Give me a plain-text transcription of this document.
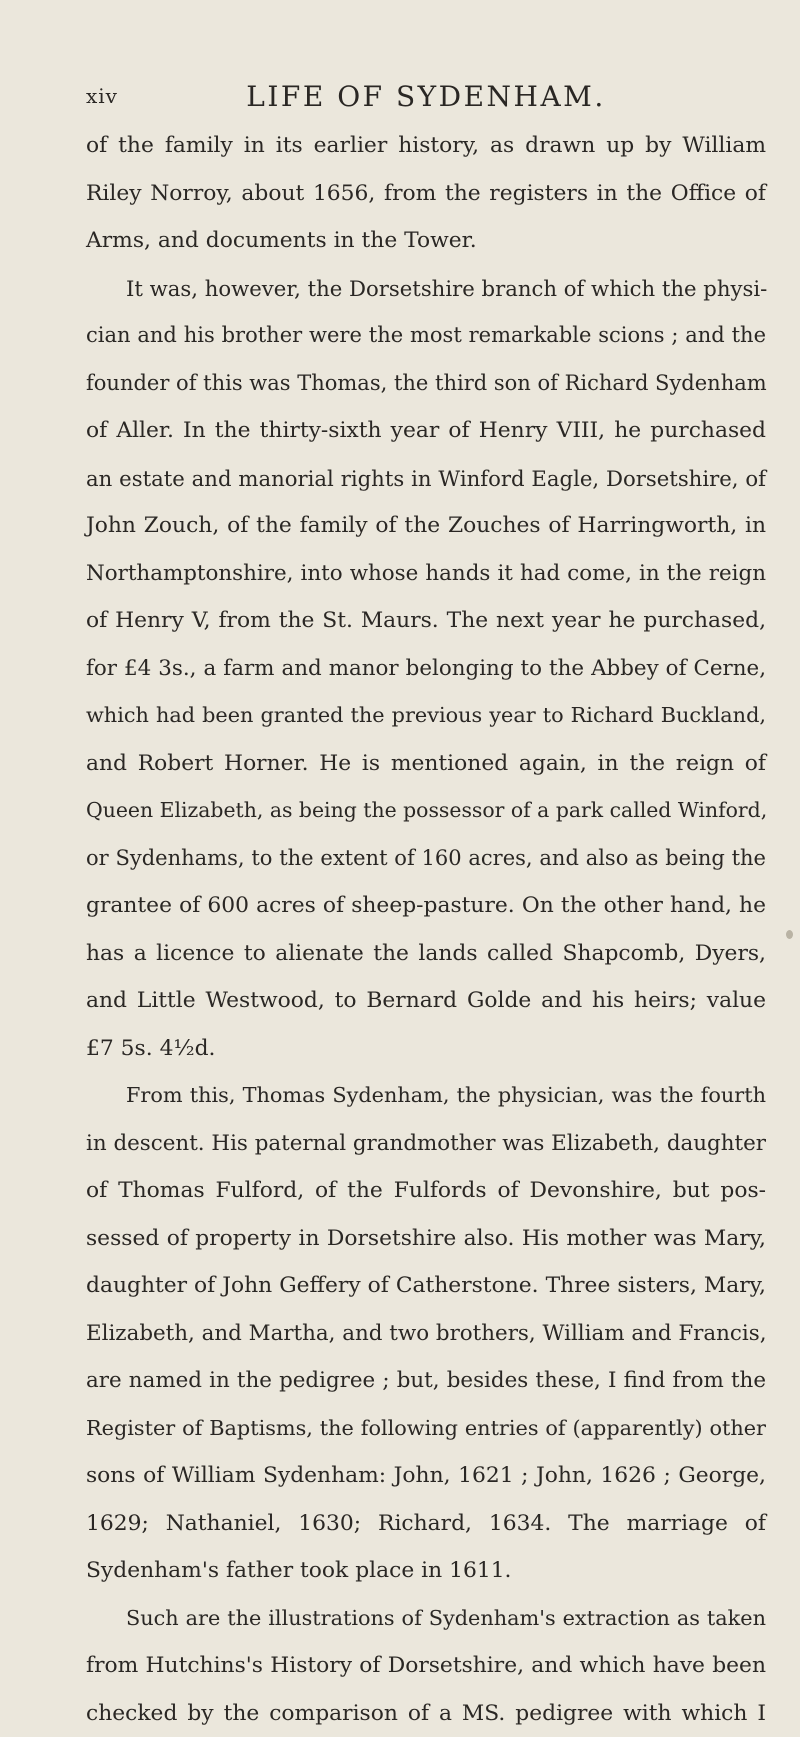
xiv	LIFE OF SYDENHAM.
of the family in its earlier history, as drawn up by William
Riley Norroy, about 1656, from the registers in the Office of
Arms, and documents in the Tower.
It was, however, the Dorsetshire branch of which the physi-
cian and his brother were the most remarkable scions ; and the
founder of this was Thomas, the third son of Richard Sydenham
of Aller. In the thirty-sixth year of Henry VIII, he purchased
an estate and manorial rights in Winford Eagle, Dorsetshire, of
John Zouch, of the family of the Zouches of Harringworth, in
Northamptonshire, into whose hands it had come, in the reign
of Henry V, from the St. Maurs. The next year he purchased,
for £4 3s., a farm and manor belonging to the Abbey of Cerne,
which had been granted the previous year to Richard Buckland,
and Robert Horner. He is mentioned again, in the reign of
Queen Elizabeth, as being the possessor of a park called Winford,
or Sydenhams, to the extent of 160 acres, and also as being the
grantee of 600 acres of sheep-pasture. On the other hand, he
has a licence to alienate the lands called Shapcomb, Dyers,
and Little Westwood, to Bernard Golde and his heirs; value
£7 5s. 4½d.
From this, Thomas Sydenham, the physician, was the fourth
in descent. His paternal grandmother was Elizabeth, daughter
of Thomas Fulford, of the Fulfords of Devonshire, but pos-
sessed of property in Dorsetshire also. His mother was Mary,
daughter of John Geffery of Catherstone. Three sisters, Mary,
Elizabeth, and Martha, and two brothers, William and Francis,
are named in the pedigree ; but, besides these, I find from the
Register of Baptisms, the following entries of (apparently) other
sons of William Sydenham: John, 1621 ; John, 1626 ; George,
1629; Nathaniel, 1630; Richard, 1634. The marriage of
Sydenham's father took place in 1611.
Such are the illustrations of Sydenham's extraction as taken
from Hutchins's History of Dorsetshire, and which have been
checked by the comparison of a MS. pedigree with which I
